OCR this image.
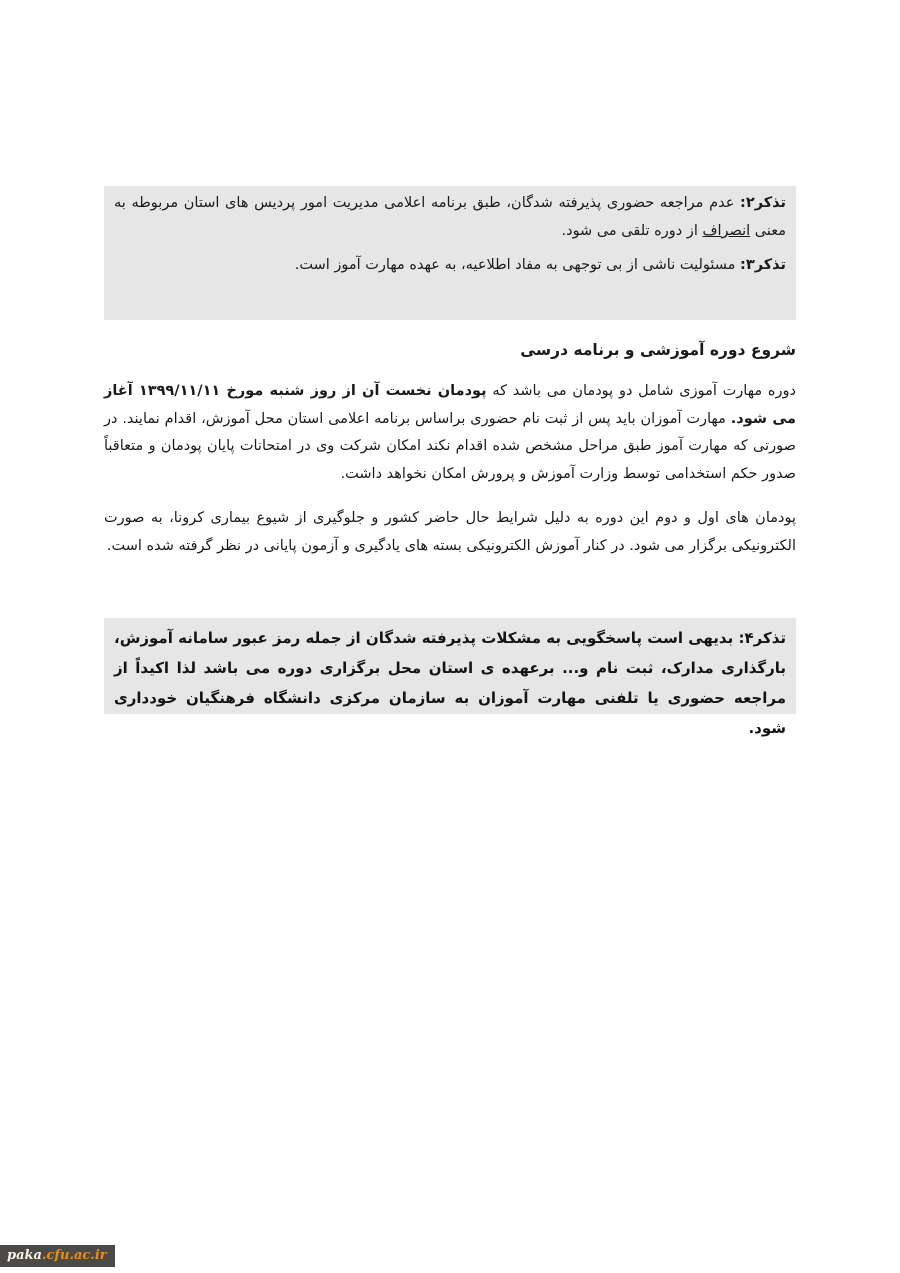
تذکر۲: عدم مراجعه حضوری پذیرفته شدگان، طبق برنامه اعلامی مدیریت امور پردیس های استان مربوطه به معنی انصراف از دوره تلقی می شود.

تذکر۳: مسئولیت ناشی از بی توجهی به مفاد اطلاعیه، به عهده مهارت آموز است.

شروع دوره آموزشی و برنامه درسی

دوره مهارت آموزی شامل دو پودمان می باشد که پودمان نخست آن از روز شنبه مورخ ۱۳۹۹/۱۱/۱۱ آغاز می شود. مهارت آموزان باید پس از ثبت نام حضوری براساس برنامه اعلامی استان محل آموزش، اقدام نمایند. در صورتی که مهارت آموز طبق مراحل مشخص شده اقدام نکند امکان شرکت وی در امتحانات پایان پودمان و متعاقباً صدور حکم استخدامی توسط وزارت آموزش و پرورش امکان نخواهد داشت.

پودمان های اول و دوم این دوره به دلیل شرایط حال حاضر کشور و جلوگیری از شیوع بیماری کرونا، به صورت الکترونیکی برگزار می شود. در کنار آموزش الکترونیکی بسته های یادگیری و آزمون پایانی در نظر گرفته شده است.

تذکر۴: بدیهی است پاسخگویی به مشکلات پذیرفته شدگان از جمله رمز عبور سامانه آموزش، بارگذاری مدارک، ثبت نام و... برعهده ی استان محل برگزاری دوره می باشد لذا اکیداً از مراجعه حضوری یا تلفنی مهارت آموزان به سازمان مرکزی دانشگاه فرهنگیان خودداری شود.

paka.cfu.ac.ir
